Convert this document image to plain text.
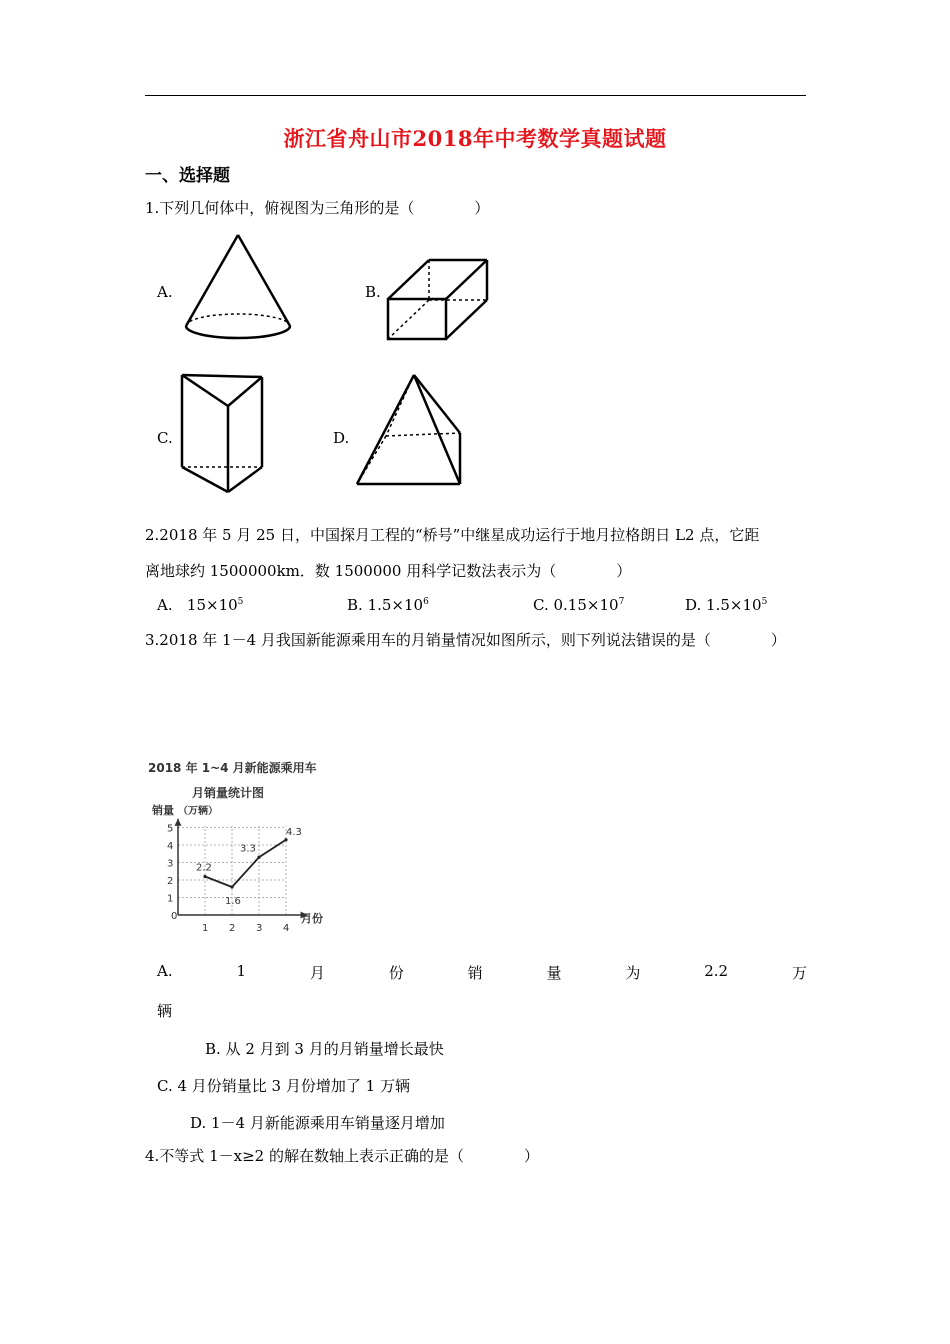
浙江省舟山市2018年中考数学真题试题
一、选择题
1.下列几何体中，俯视图为三角形的是（　　　　）
A.	B.
C.	D.
2.2018 年 5 月 25 日，中国探月工程的“桥号”中继星成功运行于地月拉格朗日 L2 点，它距
离地球约 1500000km．数 1500000 用科学记数法表示为（　　　　）
A. $15\times 10^5$	B. $1.5\times 10^6$	C. $0.15\times 10^7$	D. $1.5\times 10^5$
3.2018 年 1－4 月我国新能源乘用车的月销量情况如图所示，则下列说法错误的是（　　　　）
2018 年 1~4 月新能源乘用车
月销量统计图
销量 （万辆）
0	月份
1
2
3
4
5
1 2 3 4
2.2
1.6
3.3
4.3
A.	1	月	份	销	量	为	2.2	万
辆
B. 从 2 月到 3 月的月销量增长最快
C. 4 月份销量比 3 月份增加了 1 万辆
D. 1－4 月新能源乘用车销量逐月增加
4.不等式 1－x≥2 的解在数轴上表示正确的是（　　　　）
